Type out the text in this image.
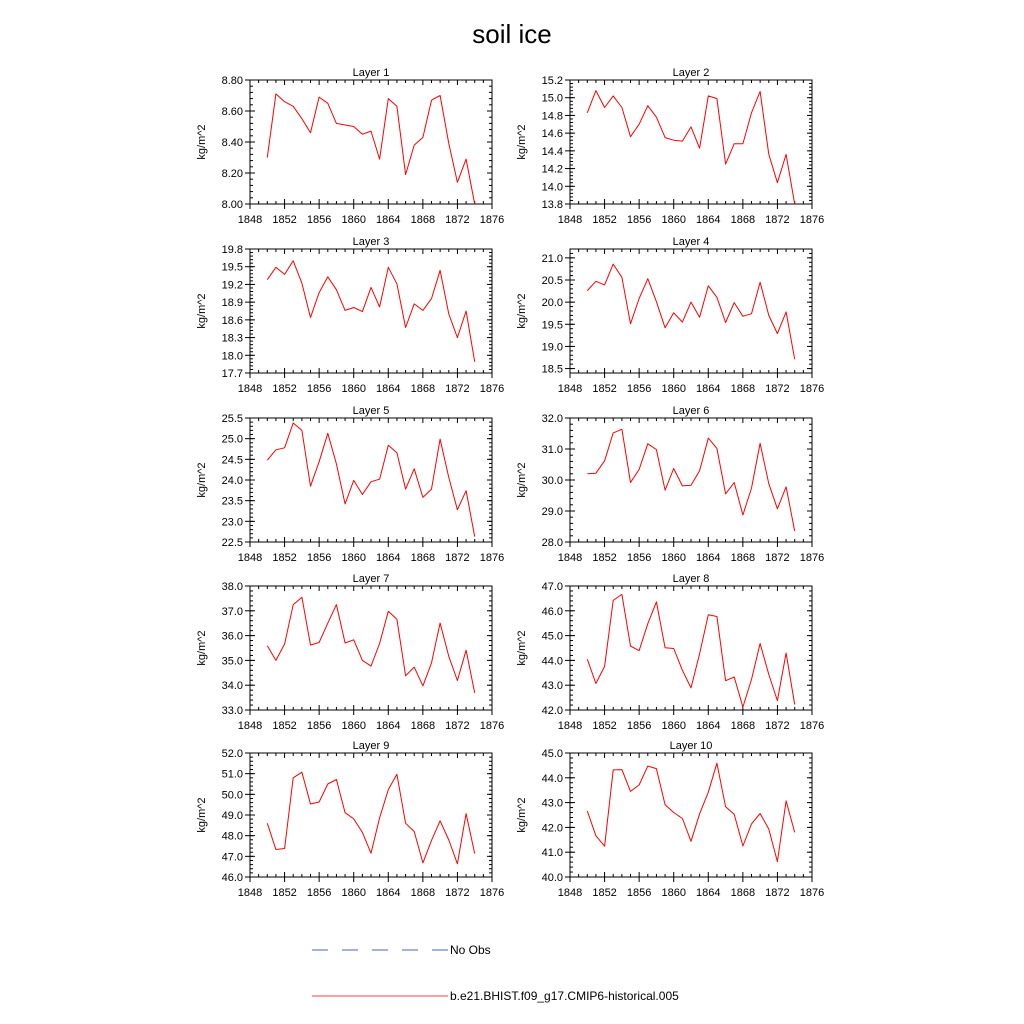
soil ice
Layer 1
kg/m^2
1848 1852 1856 1860 1864 1868 1872 1876
8.00
8.20
8.40
8.60
8.80
Layer 2
kg/m^2
1848 1852 1856 1860 1864 1868 1872 1876
13.8
14.0
14.2
14.4
14.6
14.8
15.0
15.2
Layer 3
kg/m^2
1848 1852 1856 1860 1864 1868 1872 1876
17.7
18.0
18.3
18.6
18.9
19.2
19.5
19.8
Layer 4
kg/m^2
1848 1852 1856 1860 1864 1868 1872 1876
18.5
19.0
19.5
20.0
20.5
21.0
Layer 5
kg/m^2
1848 1852 1856 1860 1864 1868 1872 1876
22.5
23.0
23.5
24.0
24.5
25.0
25.5
Layer 6
kg/m^2
1848 1852 1856 1860 1864 1868 1872 1876
28.0
29.0
30.0
31.0
32.0
Layer 7
kg/m^2
1848 1852 1856 1860 1864 1868 1872 1876
33.0
34.0
35.0
36.0
37.0
38.0
Layer 8
kg/m^2
1848 1852 1856 1860 1864 1868 1872 1876
42.0
43.0
44.0
45.0
46.0
47.0
Layer 9
kg/m^2
1848 1852 1856 1860 1864 1868 1872 1876
46.0
47.0
48.0
49.0
50.0
51.0
52.0
Layer 10
kg/m^2
1848 1852 1856 1860 1864 1868 1872 1876
40.0
41.0
42.0
43.0
44.0
45.0
No Obs
b.e21.BHIST.f09_g17.CMIP6-historical.005
